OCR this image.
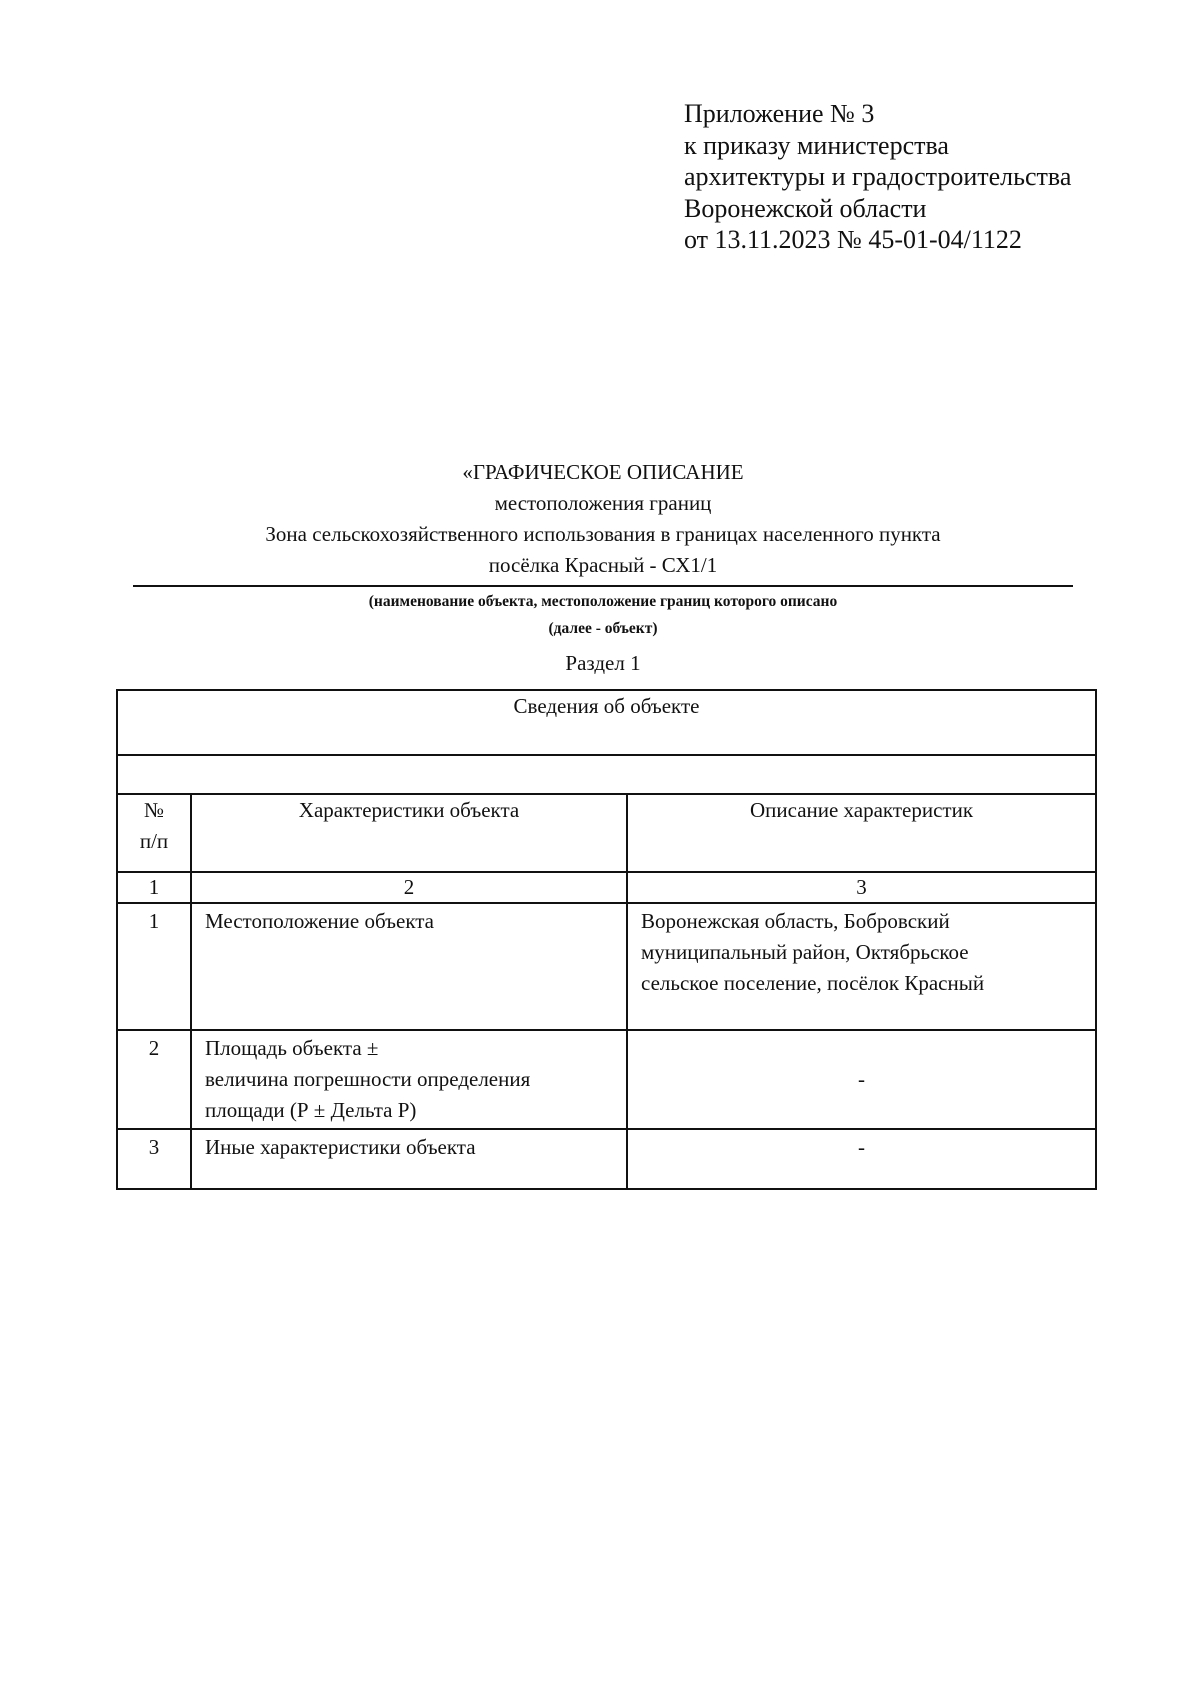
Приложение № 3
к приказу министерства
архитектуры и градостроительства
Воронежской области
от 13.11.2023 № 45-01-04/1122
«ГРАФИЧЕСКОЕ ОПИСАНИЕ
местоположения границ
Зона сельскохозяйственного использования в границах населенного пункта
посёлка Красный - СХ1/1
(наименование объекта, местоположение границ которого описано
(далее - объект)
Раздел 1
Сведения об объекте		

№
п/п	Характеристики объекта	Описание характеристик
1	2	3
1	Местоположение объекта	Воронежская область, Бобровский
муниципальный район, Октябрьское
сельское поселение, посёлок Красный

2	Площадь объекта ±
величина погрешности определения
площади (Р ± Дельта Р)	-

3	Иные характеристики объекта	-
